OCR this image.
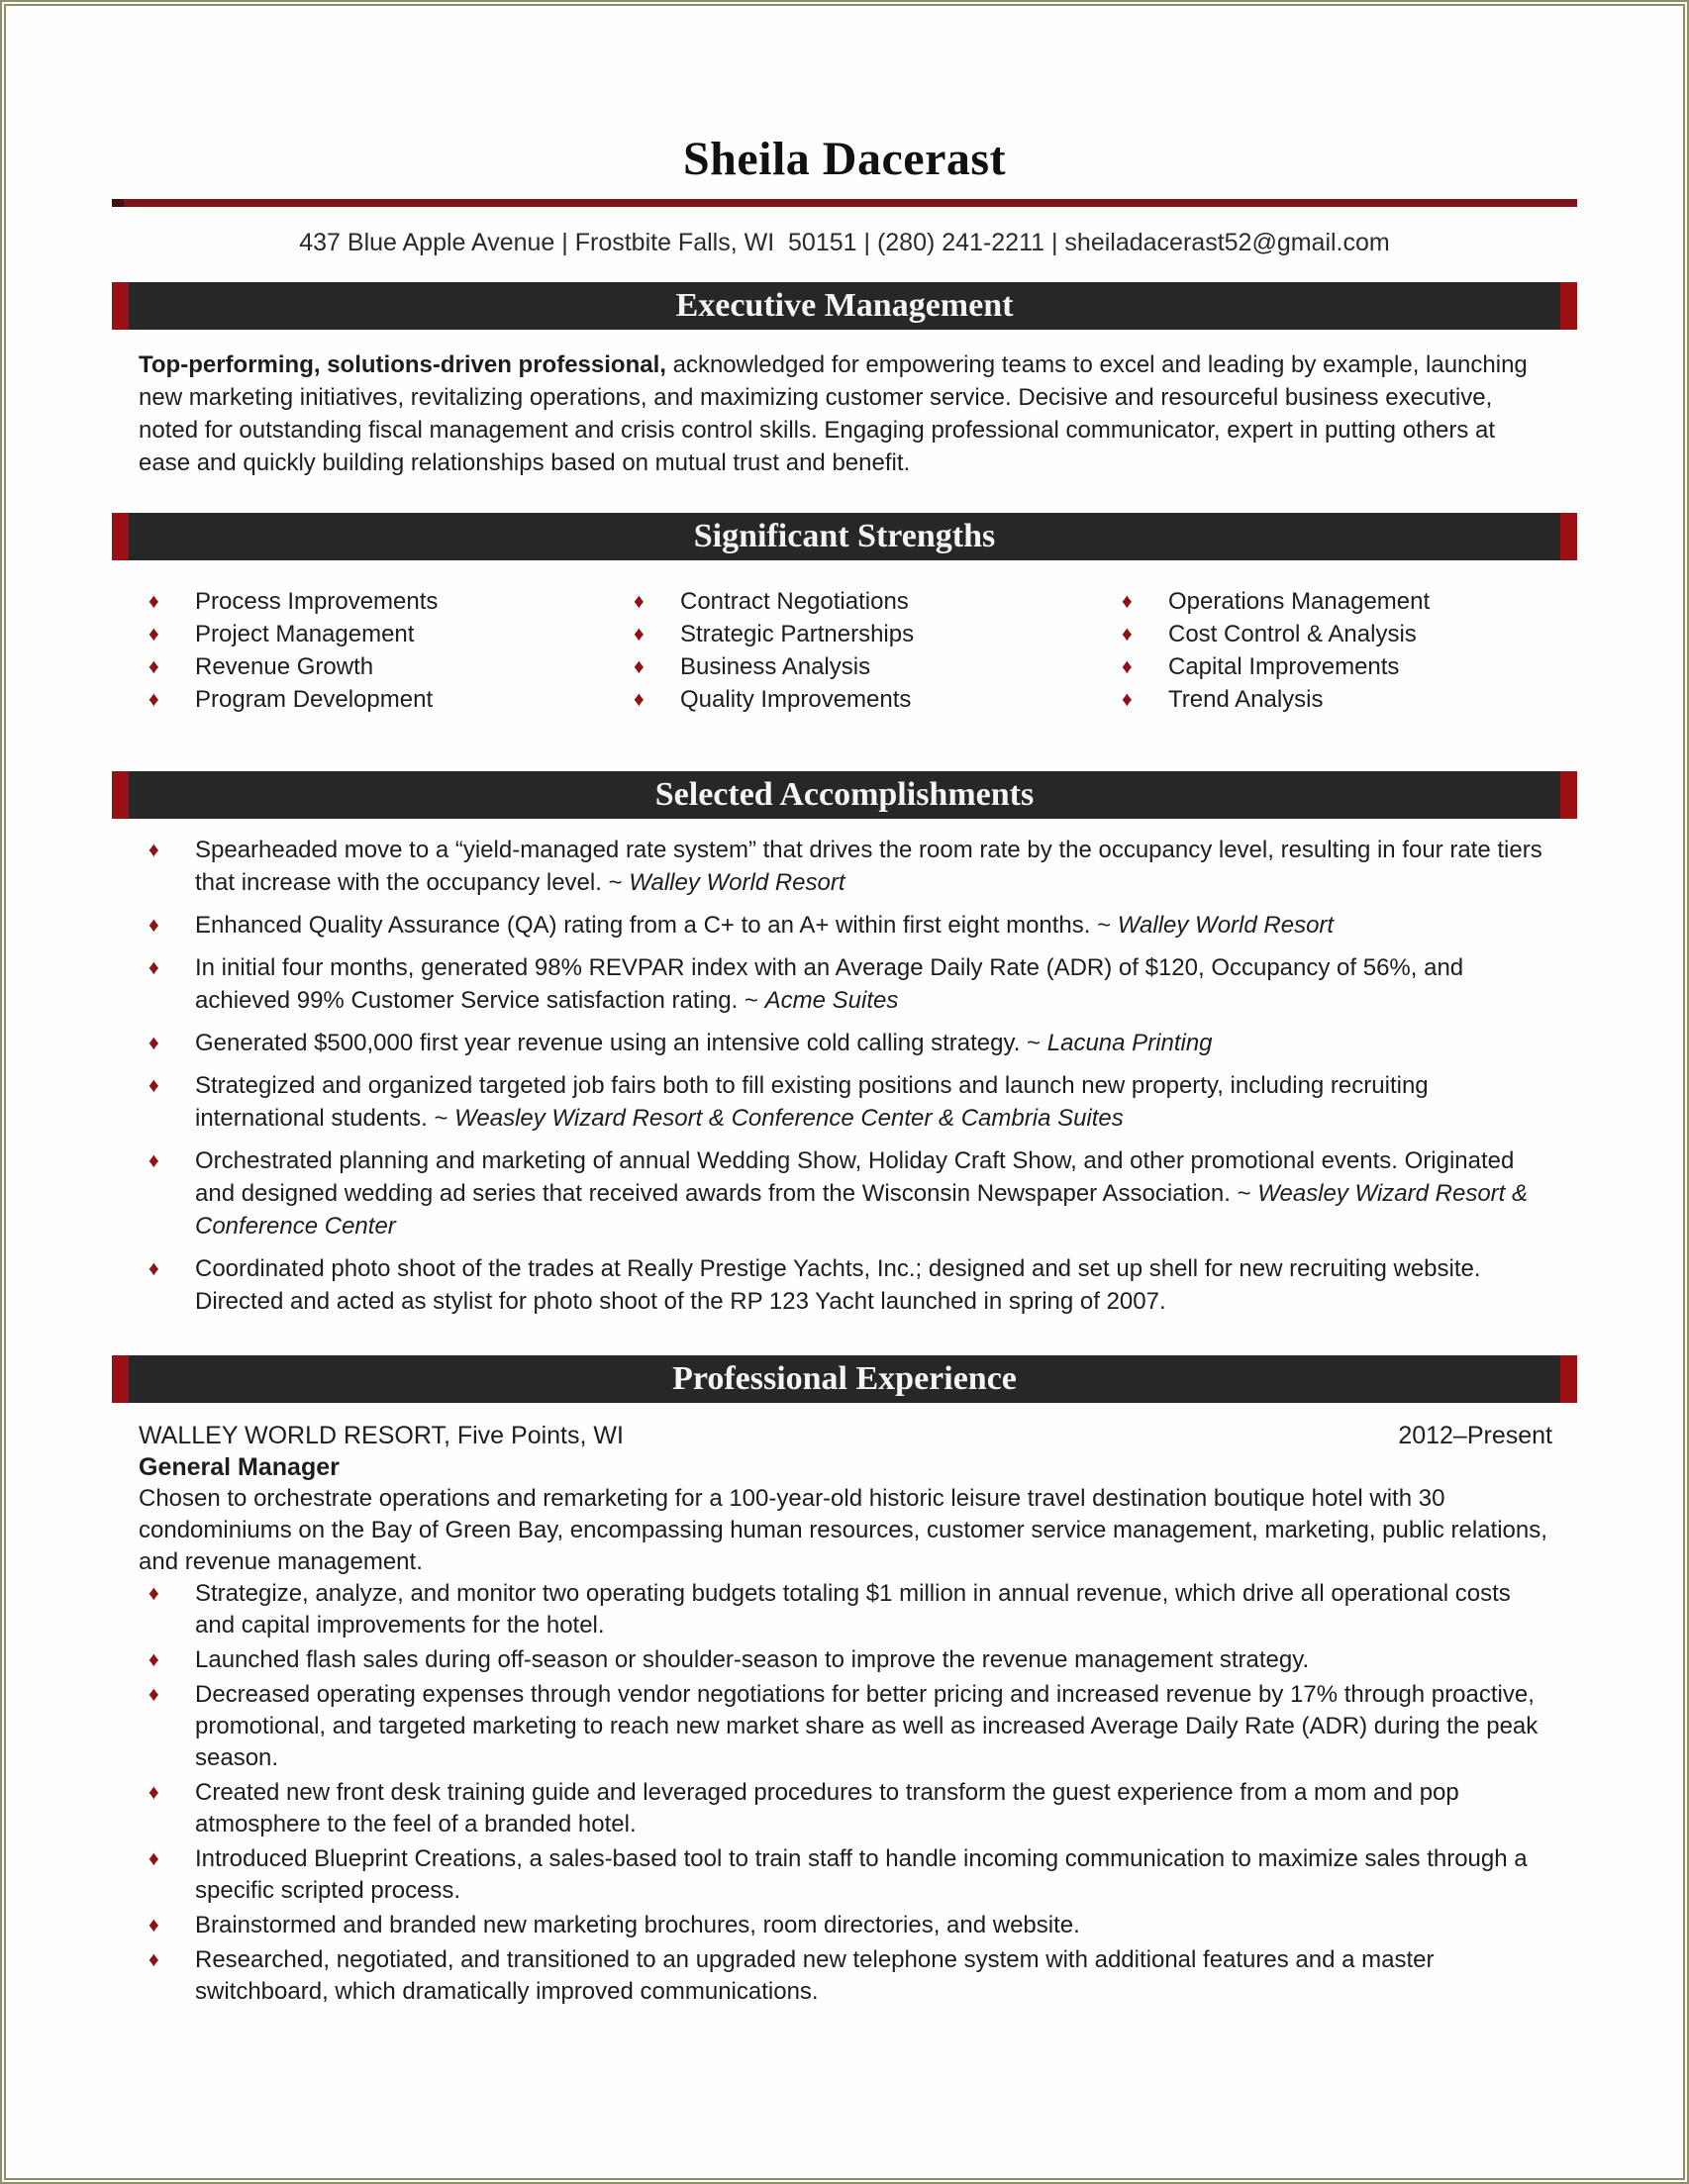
Sheila Dacerast
437 Blue Apple Avenue | Frostbite Falls, WI  50151 | (280) 241-2211 | sheiladacerast52@gmail.com
Executive Management

Top-performing, solutions-driven professional, acknowledged for empowering teams to excel and leading by example, launching new marketing initiatives, revitalizing operations, and maximizing customer service. Decisive and resourceful business executive, noted for outstanding fiscal management and crisis control skills. Engaging professional communicator, expert in putting others at ease and quickly building relationships based on mutual trust and benefit.

Significant Strengths
♦ Process Improvements
♦ Project Management
♦ Revenue Growth
♦ Program Development
♦ Contract Negotiations
♦ Strategic Partnerships
♦ Business Analysis
♦ Quality Improvements
♦ Operations Management
♦ Cost Control & Analysis
♦ Capital Improvements
♦ Trend Analysis
Selected Accomplishments
♦ Spearheaded move to a “yield-managed rate system” that drives the room rate by the occupancy level, resulting in four rate tiers that increase with the occupancy level. ~ Walley World Resort
♦ Enhanced Quality Assurance (QA) rating from a C+ to an A+ within first eight months. ~ Walley World Resort
♦ In initial four months, generated 98% REVPAR index with an Average Daily Rate (ADR) of $120, Occupancy of 56%, and achieved 99% Customer Service satisfaction rating. ~ Acme Suites
♦ Generated $500,000 first year revenue using an intensive cold calling strategy. ~ Lacuna Printing
♦ Strategized and organized targeted job fairs both to fill existing positions and launch new property, including recruiting international students. ~ Weasley Wizard Resort & Conference Center & Cambria Suites
♦ Orchestrated planning and marketing of annual Wedding Show, Holiday Craft Show, and other promotional events. Originated and designed wedding ad series that received awards from the Wisconsin Newspaper Association. ~ Weasley Wizard Resort & Conference Center
♦ Coordinated photo shoot of the trades at Really Prestige Yachts, Inc.; designed and set up shell for new recruiting website. Directed and acted as stylist for photo shoot of the RP 123 Yacht launched in spring of 2007.
Professional Experience
WALLEY WORLD RESORT, Five Points, WI	2012–Present
General Manager

Chosen to orchestrate operations and remarketing for a 100-year-old historic leisure travel destination boutique hotel with 30 condominiums on the Bay of Green Bay, encompassing human resources, customer service management, marketing, public relations, and revenue management.

♦ Strategize, analyze, and monitor two operating budgets totaling $1 million in annual revenue, which drive all operational costs and capital improvements for the hotel.
♦ Launched flash sales during off-season or shoulder-season to improve the revenue management strategy.
♦ Decreased operating expenses through vendor negotiations for better pricing and increased revenue by 17% through proactive, promotional, and targeted marketing to reach new market share as well as increased Average Daily Rate (ADR) during the peak season.
♦ Created new front desk training guide and leveraged procedures to transform the guest experience from a mom and pop atmosphere to the feel of a branded hotel.
♦ Introduced Blueprint Creations, a sales-based tool to train staff to handle incoming communication to maximize sales through a specific scripted process.
♦ Brainstormed and branded new marketing brochures, room directories, and website.
♦ Researched, negotiated, and transitioned to an upgraded new telephone system with additional features and a master switchboard, which dramatically improved communications.
